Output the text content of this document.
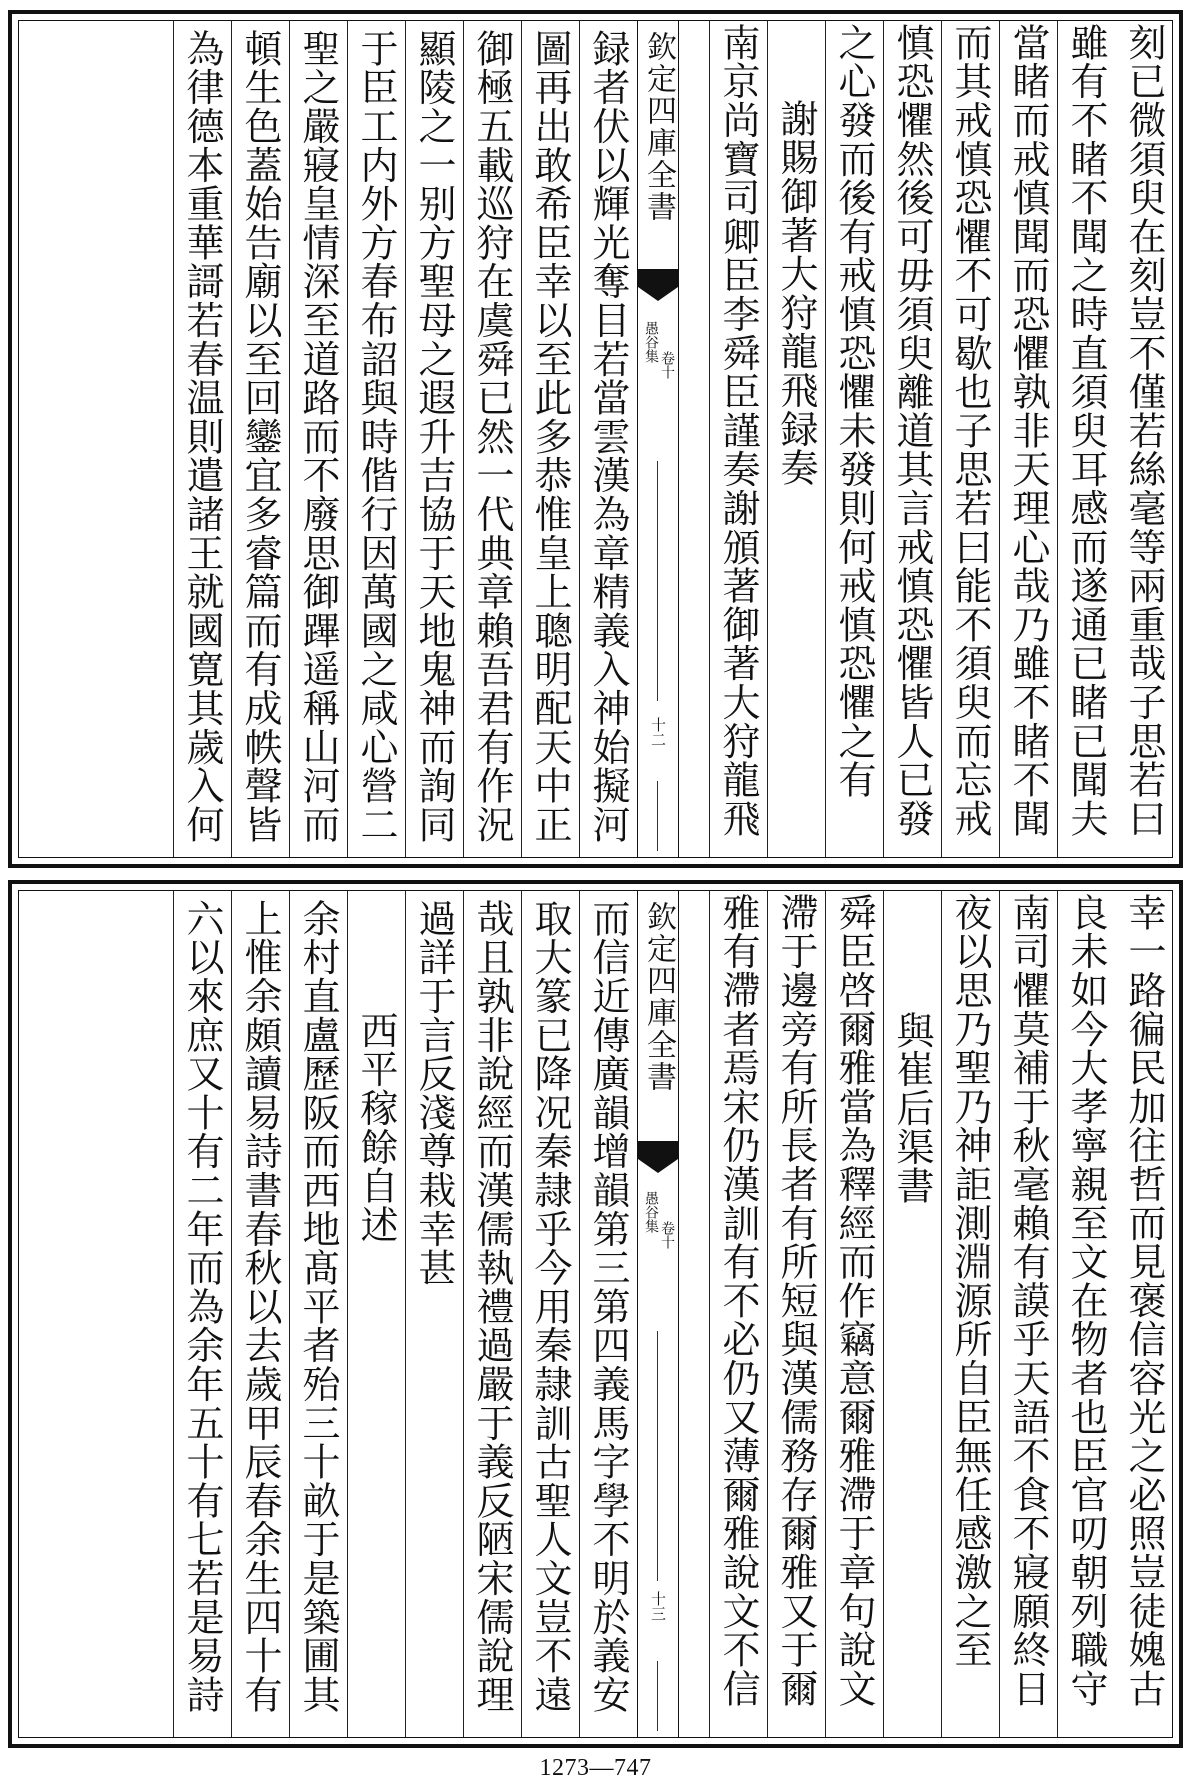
刻已微須臾在刻豈不僅若絲毫等兩重哉子思若曰
雖有不睹不聞之時直須臾耳感而遂通已睹已聞夫
當睹而戒慎聞而恐懼孰非天理心哉乃雖不睹不聞
而其戒慎恐懼不可歇也子思若曰能不須臾而忘戒
慎恐懼然後可毋須臾離道其言戒慎恐懼皆人已發
之心發而後有戒慎恐懼未發則何戒慎恐懼之有
謝賜御著大狩龍飛録奏
南京尚寶司卿臣李舜臣謹奏謝頒著御著大狩龍飛
欽定四庫全書
愚谷集
卷十
十二
録者伏以輝光奪目若當雲漢為章精義入神始擬河
圖再出敢希臣幸以至此多恭惟皇上聰明配天中正
御極五載巡狩在虞舜已然一代典章賴吾君有作況
顯陵之一别方聖母之遐升吉協于天地鬼神而詢同
于臣工内外方春布詔與時偕行因萬國之咸心營二
聖之嚴寢皇情深至道路而不廢思御蹕遥稱山河而
頓生色蓋始告廟以至回鑾宜多睿篇而有成帙聲皆
為律德本重華謌若春温則遣諸王就國寛其歲入何
幸一路徧民加往哲而見褒信容光之必照豈徒媿古
良未如今大孝寧親至文在物者也臣官叨朝列職守
南司懼莫補于秋毫賴有謨乎天語不食不寢願終日
夜以思乃聖乃神詎測淵源所自臣無任感激之至
與崔后渠書
舜臣啓爾雅當為釋經而作竊意爾雅滯于章句說文
滯于邊旁有所長者有所短與漢儒務存爾雅又于爾
雅有滯者焉宋仍漢訓有不必仍又薄爾雅說文不信
欽定四庫全書
愚谷集
卷十
十三
而信近傳廣韻增韻第三第四義馬字學不明於義安
取大篆已降况秦隷乎今用秦隷訓古聖人文豈不遠
哉且孰非說經而漢儒執禮過嚴于義反陋宋儒說理
過詳于言反淺尊栽幸甚
西平稼餘自述
余村直盧歷阪而西地髙平者殆三十畝于是築圃其
上惟余頗讀易詩書春秋以去歲甲辰春余生四十有
六以來庶又十有二年而為余年五十有七若是易詩
1273—747
